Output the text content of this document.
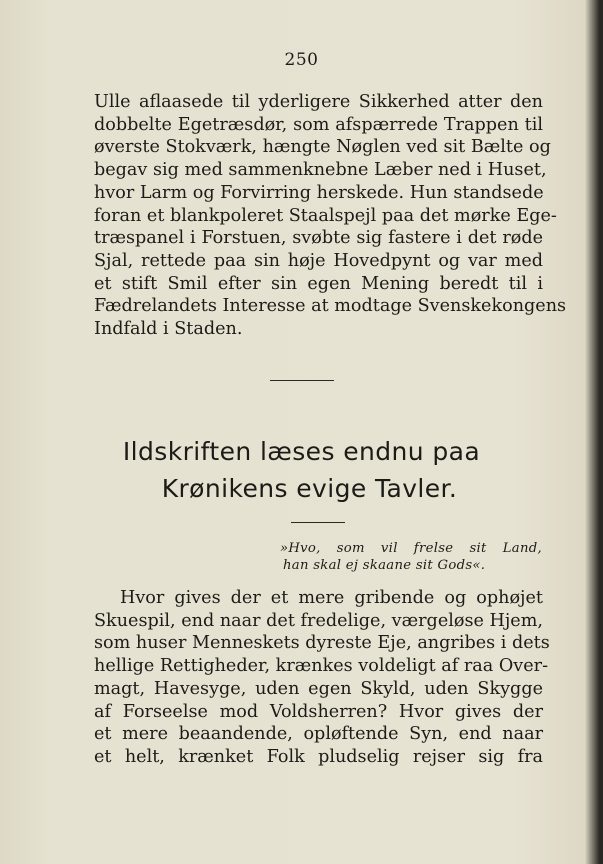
250

Ulle aflaasede til yderligere Sikkerhed atter den
dobbelte Egetræsdør, som afspærrede Trappen til
øverste Stokværk, hængte Nøglen ved sit Bælte og
begav sig med sammenknebne Læber ned i Huset,
hvor Larm og Forvirring herskede. Hun standsede
foran et blankpoleret Staalspejl paa det mørke Ege-
træspanel i Forstuen, svøbte sig fastere i det røde
Sjal, rettede paa sin høje Hovedpynt og var med
et stift Smil efter sin egen Mening beredt til i
Fædrelandets Interesse at modtage Svenskekongens
Indfald i Staden.

Ildskriften læses endnu paa
Krønikens evige Tavler.
»Hvo, som vil frelse sit Land,
han skal ej skaane sit Gods«.

Hvor gives der et mere gribende og ophøjet
Skuespil, end naar det fredelige, værgeløse Hjem,
som huser Menneskets dyreste Eje, angribes i dets
hellige Rettigheder, krænkes voldeligt af raa Over-
magt, Havesyge, uden egen Skyld, uden Skygge
af Forseelse mod Voldsherren? Hvor gives der
et mere beaandende, opløftende Syn, end naar
et helt, krænket Folk pludselig rejser sig fra
